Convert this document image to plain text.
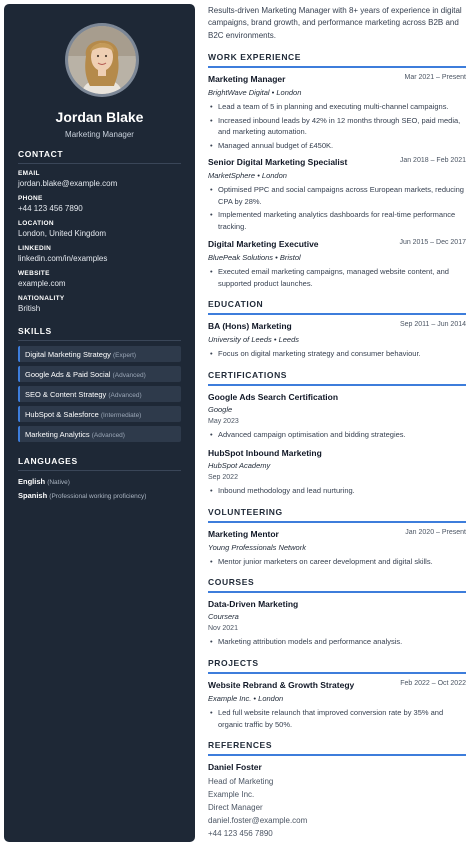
Jordan Blake
Marketing Manager
CONTACT
EMAIL
jordan.blake@example.com
PHONE
+44 123 456 7890
LOCATION
London, United Kingdom
LINKEDIN
linkedin.com/in/examples
WEBSITE
example.com
NATIONALITY
British
SKILLS
Digital Marketing Strategy (Expert)
Google Ads & Paid Social (Advanced)
SEO & Content Strategy (Advanced)
HubSpot & Salesforce (Intermediate)
Marketing Analytics (Advanced)
LANGUAGES
English (Native)
Spanish (Professional working proficiency)

Results-driven Marketing Manager with 8+ years of experience in digital campaigns, brand growth, and performance marketing across B2B and B2C environments.

WORK EXPERIENCE
Marketing Manager	Mar 2021 – Present
BrightWave Digital • London
• Lead a team of 5 in planning and executing multi-channel campaigns.
• Increased inbound leads by 42% in 12 months through SEO, paid media, and marketing automation.
• Managed annual budget of £450K.
Senior Digital Marketing Specialist	Jan 2018 – Feb 2021
MarketSphere • London
• Optimised PPC and social campaigns across European markets, reducing CPA by 28%.
• Implemented marketing analytics dashboards for real-time performance tracking.
Digital Marketing Executive	Jun 2015 – Dec 2017
BluePeak Solutions • Bristol
• Executed email marketing campaigns, managed website content, and supported product launches.
EDUCATION
BA (Hons) Marketing	Sep 2011 – Jun 2014
University of Leeds • Leeds
• Focus on digital marketing strategy and consumer behaviour.
CERTIFICATIONS
Google Ads Search Certification
Google
May 2023
• Advanced campaign optimisation and bidding strategies.
HubSpot Inbound Marketing
HubSpot Academy
Sep 2022
• Inbound methodology and lead nurturing.
VOLUNTEERING
Marketing Mentor	Jan 2020 – Present
Young Professionals Network
• Mentor junior marketers on career development and digital skills.
COURSES
Data-Driven Marketing
Coursera
Nov 2021
• Marketing attribution models and performance analysis.
PROJECTS
Website Rebrand & Growth Strategy	Feb 2022 – Oct 2022
Example Inc. • London
• Led full website relaunch that improved conversion rate by 35% and organic traffic by 50%.
REFERENCES
Daniel Foster
Head of Marketing
Example Inc.
Direct Manager
daniel.foster@example.com
+44 123 456 7890
